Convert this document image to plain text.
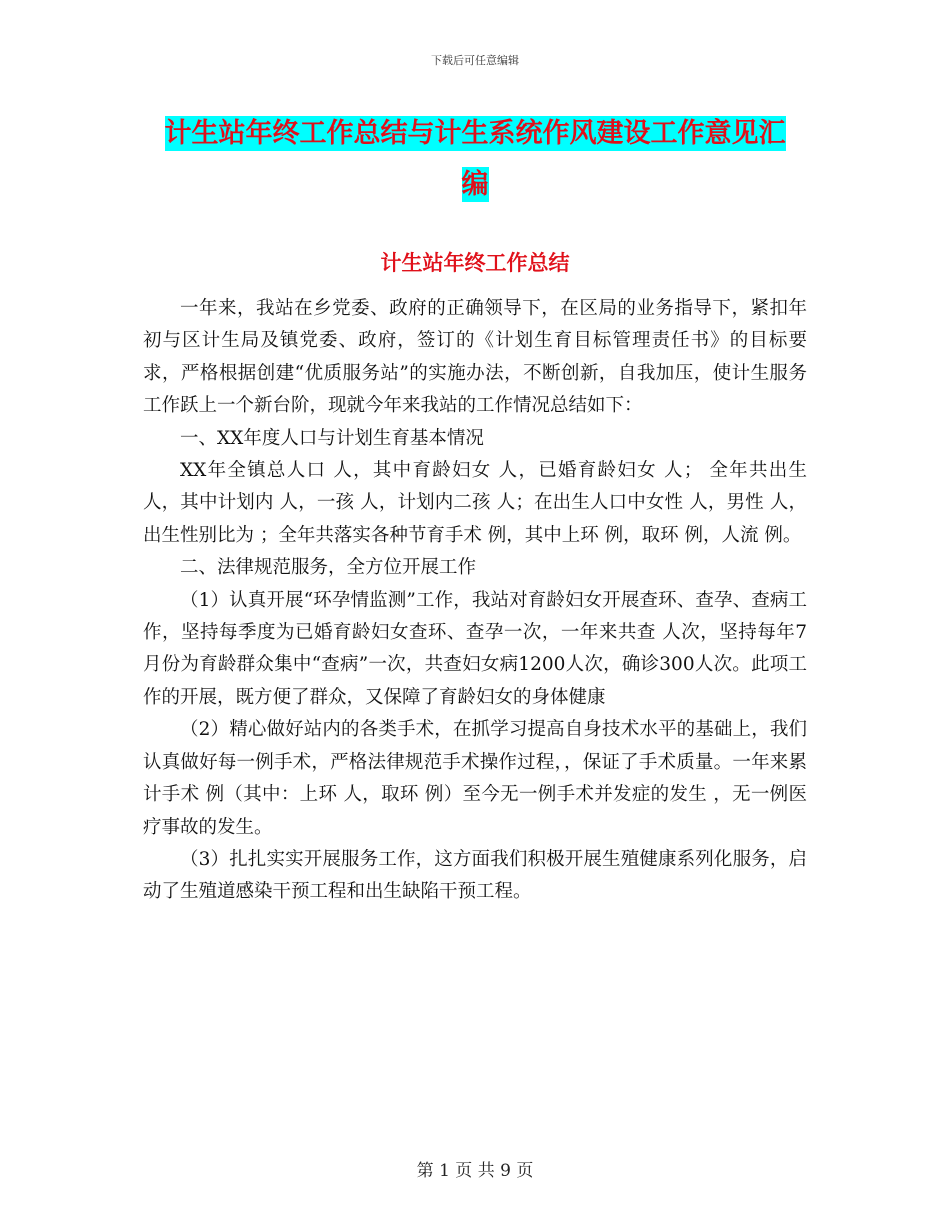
下载后可任意编辑
计生站年终工作总结与计生系统作风建设工作意见汇
编
计生站年终工作总结

一年来，我站在乡党委、政府的正确领导下，在区局的业务指导下，紧扣年初与区计生局及镇党委、政府，签订的《计划生育目标管理责任书》的目标要求，严格根据创建“优质服务站”的实施办法，不断创新，自我加压，使计生服务工作跃上一个新台阶，现就今年来我站的工作情况总结如下：

一、XX年度人口与计划生育基本情况

XX年全镇总人口 人，其中育龄妇女 人，已婚育龄妇女 人； 全年共出生 人，其中计划内 人，一孩 人，计划内二孩 人；在出生人口中女性 人，男性 人，出生性别比为 ；全年共落实各种节育手术 例，其中上环 例，取环 例，人流 例。

二、法律规范服务，全方位开展工作

（1）认真开展“环孕情监测”工作，我站对育龄妇女开展查环、查孕、查病工作，坚持每季度为已婚育龄妇女查环、查孕一次，一年来共查 人次，坚持每年7月份为育龄群众集中“查病”一次，共查妇女病1200人次，确诊300人次。此项工作的开展，既方便了群众，又保障了育龄妇女的身体健康

（2）精心做好站内的各类手术，在抓学习提高自身技术水平的基础上，我们认真做好每一例手术，严格法律规范手术操作过程，，保证了手术质量。一年来累计手术 例（其中：上环 人，取环 例）至今无一例手术并发症的发生 ，无一例医疗事故的发生。

（3）扎扎实实开展服务工作，这方面我们积极开展生殖健康系列化服务，启动了生殖道感染干预工程和出生缺陷干预工程。

第 1 页 共 9 页
